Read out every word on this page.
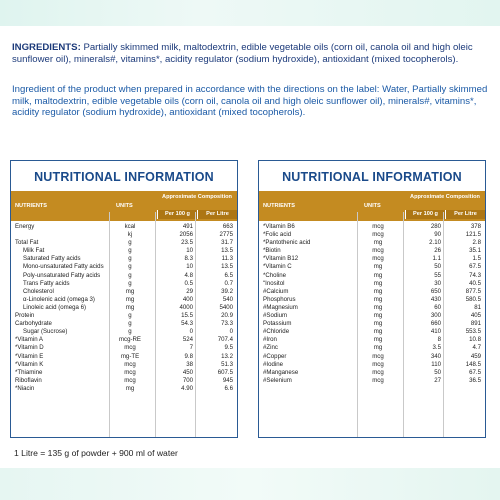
INGREDIENTS: Partially skimmed milk, maltodextrin, edible vegetable oils (corn oil, canola oil and high oleic sunflower oil), minerals#, vitamins*, acidity regulator (sodium hydroxide), antioxidant (mixed tocopherols).
Ingredient of the product when prepared in accordance with the directions on the label: Water, Partially skimmed milk, maltodextrin, edible vegetable oils (corn oil, canola oil and high oleic sunflower oil), minerals#, vitamins*, acidity regulator (sodium hydroxide), antioxidant (mixed tocopherols).
NUTRITIONAL INFORMATION
NUTRIENTS	UNITS
Approximate Composition
Per 100 g	Per Litre
Energy	kcal	491	663
kj	2056	2775
Total Fat	g	23.5	31.7
Milk Fat	g	10	13.5
Saturated Fatty acids	g	8.3	11.3
Mono-unsaturated Fatty acids	g	10	13.5
Poly-unsaturated Fatty acids	g	4.8	6.5
Trans Fatty acids	g	0.5	0.7
Cholesterol	mg	29	39.2
α-Linolenic acid (omega 3)	mg	400	540
Linoleic acid (omega 6)	mg	4000	5400
Protein	g	15.5	20.9
Carbohydrate	g	54.3	73.3
Sugar (Sucrose)	g	0	0
*Vitamin A	mcg-RE	524	707.4
*Vitamin D	mcg	7	9.5
*Vitamin E	mg-TE	9.8	13.2
*Vitamin K	mcg	38	51.3
*Thiamine	mcg	450	607.5
Riboflavin	mcg	700	945
*Niacin	mg	4.90	6.6
NUTRITIONAL INFORMATION
NUTRIENTS	UNITS
Approximate Composition
Per 100 g	Per Litre
*Vitamin B6	mcg	280	378
*Folic acid	mcg	90	121.5
*Pantothenic acid	mg	2.10	2.8
*Biotin	mcg	26	35.1
*Vitamin B12	mcg	1.1	1.5
*Vitamin C	mg	50	67.5
*Choline	mg	55	74.3
ʺInositol	mg	30	40.5
#Calcium	mg	650	877.5
Phosphorus	mg	430	580.5
#Magnesium	mg	60	81
#Sodium	mg	300	405
Potassium	mg	660	891
#Chloride	mg	410	553.5
#Iron	mg	8	10.8
#Zinc	mg	3.5	4.7
#Copper	mcg	340	459
#Iodine	mcg	110	148.5
#Manganese	mcg	50	67.5
#Selenium	mcg	27	36.5
1 Litre = 135 g of powder + 900 ml of water
